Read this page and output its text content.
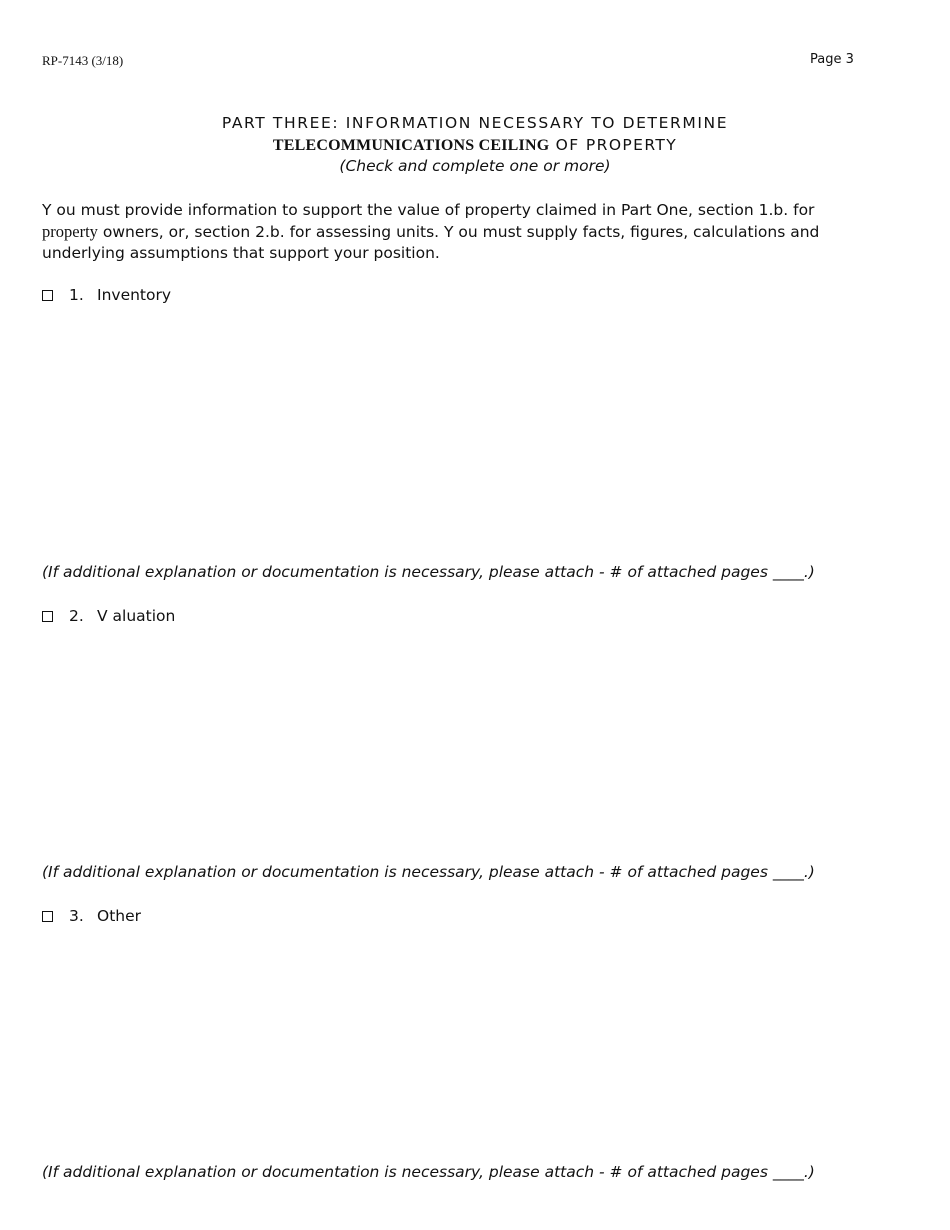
RP-7143 (3/18)	Page 3
PART THREE: INFORMATION NECESSARY TO DETERMINE
TELECOMMUNICATIONS CEILING OF PROPERTY
(Check and complete one or more)
Y ou must provide information to support the value of property claimed in Part One, section 1.b. for property owners, or, section 2.b. for assessing units. Y ou must supply facts, figures, calculations and underlying assumptions that support your position.
1. Inventory
(If additional explanation or documentation is necessary, please attach - # of attached pages ____.)
2. V aluation
(If additional explanation or documentation is necessary, please attach - # of attached pages ____.)
3. Other
(If additional explanation or documentation is necessary, please attach - # of attached pages ____.)
